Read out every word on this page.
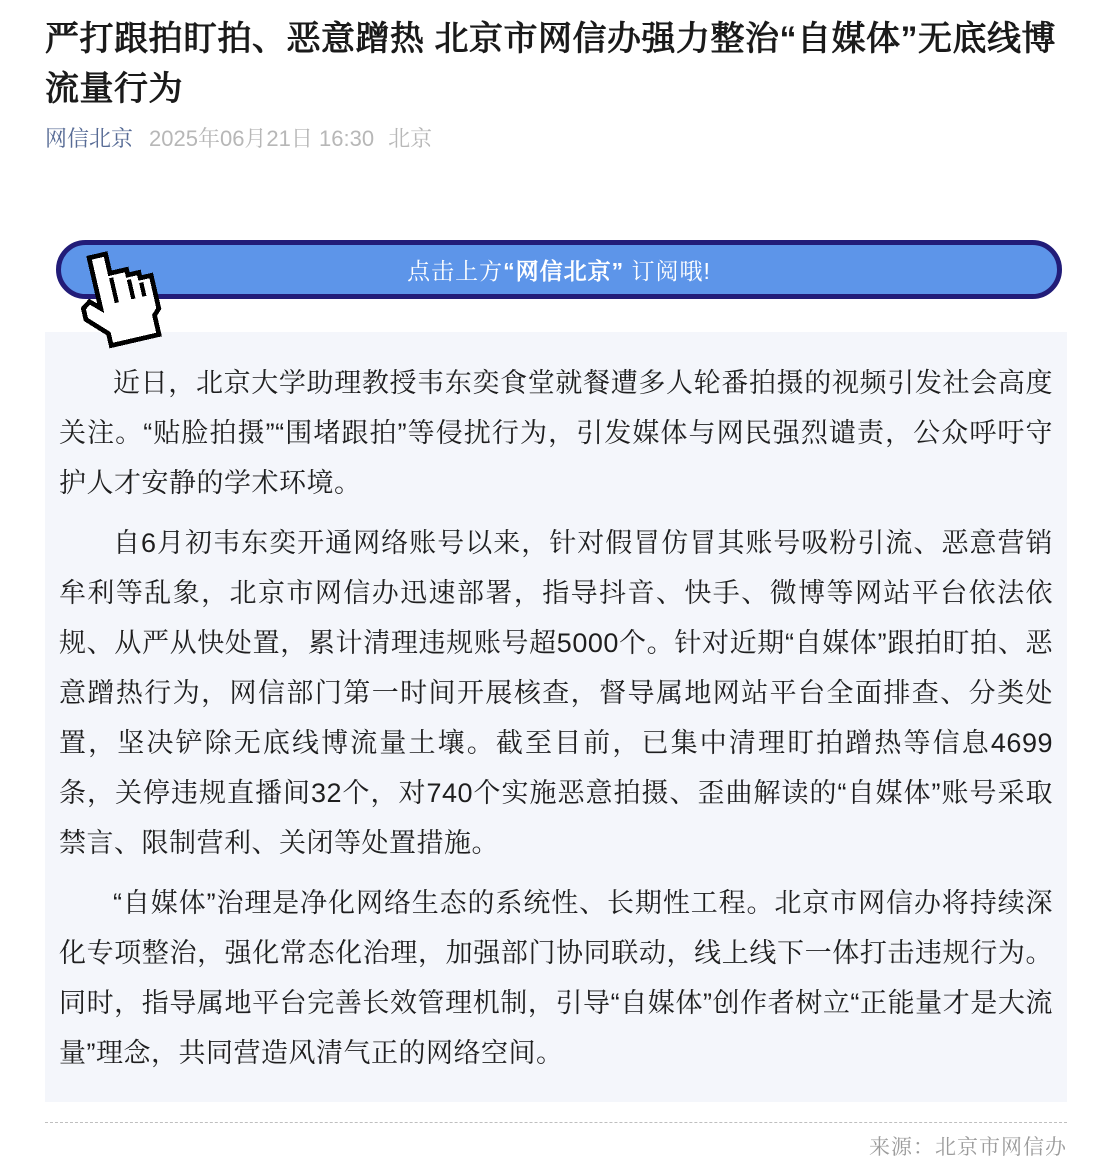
严打跟拍盯拍、恶意蹭热 北京市网信办强力整治“自媒体”无底线博流量行为
网信北京 2025年06月21日 16:30 北京
点击上方 “网信北京” 订阅哦!

近日，北京大学助理教授韦东奕食堂就餐遭多人轮番拍摄的视频引发社会高度关注。“贴脸拍摄”“围堵跟拍”等侵扰行为，引发媒体与网民强烈谴责，公众呼吁守护人才安静的学术环境。

自6月初韦东奕开通网络账号以来，针对假冒仿冒其账号吸粉引流、恶意营销牟利等乱象，北京市网信办迅速部署，指导抖音、快手、微博等网站平台依法依规、从严从快处置，累计清理违规账号超5000个。针对近期“自媒体”跟拍盯拍、恶意蹭热行为，网信部门第一时间开展核查，督导属地网站平台全面排查、分类处置，坚决铲除无底线博流量土壤。截至目前，已集中清理盯拍蹭热等信息4699条，关停违规直播间32个，对740个实施恶意拍摄、歪曲解读的“自媒体”账号采取禁言、限制营利、关闭等处置措施。

“自媒体”治理是净化网络生态的系统性、长期性工程。北京市网信办将持续深化专项整治，强化常态化治理，加强部门协同联动，线上线下一体打击违规行为。同时，指导属地平台完善长效管理机制，引导“自媒体”创作者树立“正能量才是大流量”理念，共同营造风清气正的网络空间。

来源：北京市网信办
